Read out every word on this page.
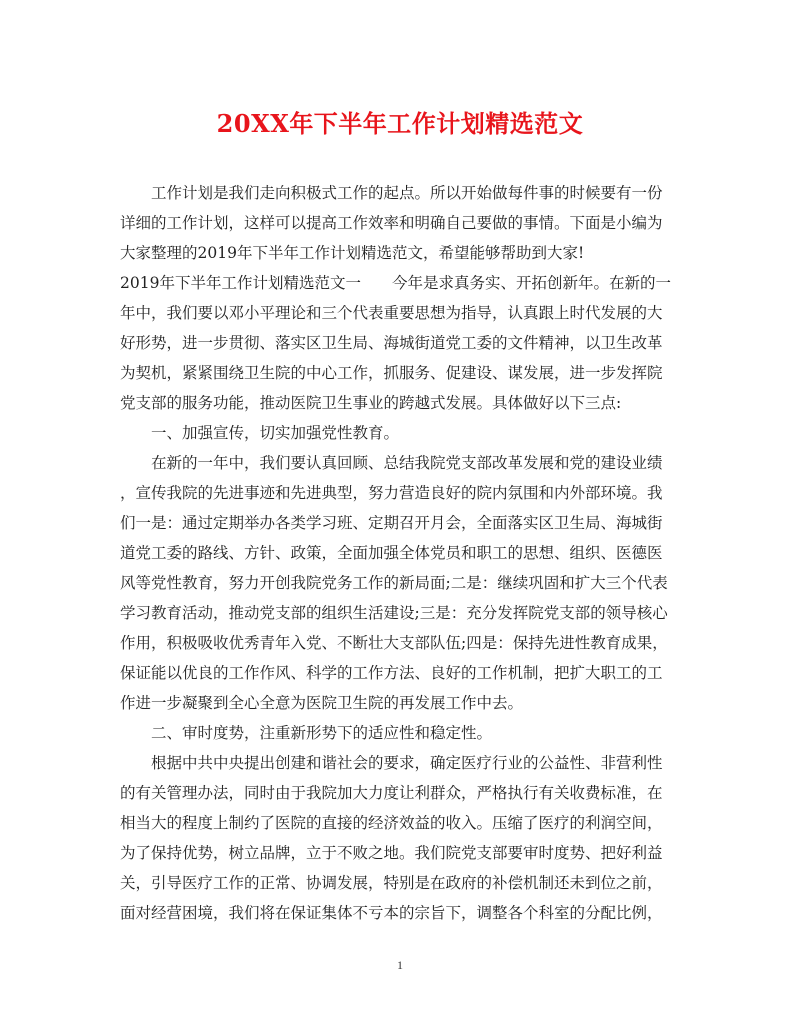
20XX年下半年工作计划精选范文
　　工作计划是我们走向积极式工作的起点。所以开始做每件事的时候要有一份
详细的工作计划，这样可以提高工作效率和明确自己要做的事情。下面是小编为
大家整理的2019年下半年工作计划精选范文，希望能够帮助到大家!
2019年下半年工作计划精选范文一　　今年是求真务实、开拓创新年。在新的一
年中，我们要以邓小平理论和三个代表重要思想为指导，认真跟上时代发展的大
好形势，进一步贯彻、落实区卫生局、海城街道党工委的文件精神，以卫生改革
为契机，紧紧围绕卫生院的中心工作，抓服务、促建设、谋发展，进一步发挥院
党支部的服务功能，推动医院卫生事业的跨越式发展。具体做好以下三点:
　　一、加强宣传，切实加强党性教育。
　　在新的一年中，我们要认真回顾、总结我院党支部改革发展和党的建设业绩
，宣传我院的先进事迹和先进典型，努力营造良好的院内氛围和内外部环境。我
们一是：通过定期举办各类学习班、定期召开月会，全面落实区卫生局、海城街
道党工委的路线、方针、政策，全面加强全体党员和职工的思想、组织、医德医
风等党性教育，努力开创我院党务工作的新局面;二是：继续巩固和扩大三个代表
学习教育活动，推动党支部的组织生活建设;三是：充分发挥院党支部的领导核心
作用，积极吸收优秀青年入党、不断壮大支部队伍;四是：保持先进性教育成果，
保证能以优良的工作作风、科学的工作方法、良好的工作机制，把扩大职工的工
作进一步凝聚到全心全意为医院卫生院的再发展工作中去。
　　二、审时度势，注重新形势下的适应性和稳定性。
　　根据中共中央提出创建和谐社会的要求，确定医疗行业的公益性、非营利性
的有关管理办法，同时由于我院加大力度让利群众，严格执行有关收费标准，在
相当大的程度上制约了医院的直接的经济效益的收入。压缩了医疗的利润空间，
为了保持优势，树立品牌，立于不败之地。我们院党支部要审时度势、把好利益
关，引导医疗工作的正常、协调发展，特别是在政府的补偿机制还未到位之前，
面对经营困境，我们将在保证集体不亏本的宗旨下，调整各个科室的分配比例，
1
